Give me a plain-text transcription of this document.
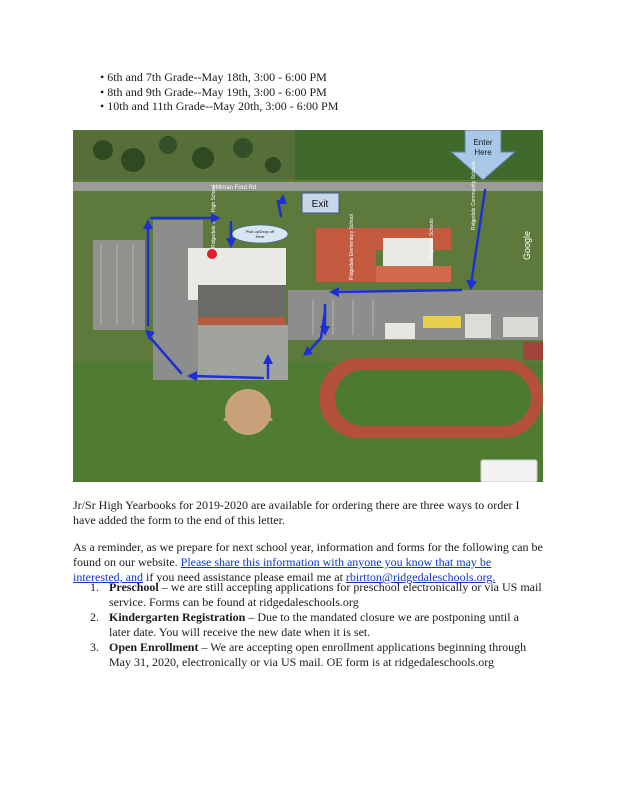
• 6th and 7th Grade--May 18th, 3:00 - 6:00 PM
• 8th and 9th Grade--May 19th, 3:00 - 6:00 PM
• 10th and 11th Grade--May 20th, 3:00 - 6:00 PM
Hillman Ford Rd
Enter
Here
Exit
Pick up/Drop off
Here	Ridgedale Elementary School	Ridgedale Schools
Ridgedale Community Schools
Google

Jr/Sr High Yearbooks for 2019-2020 are available for ordering there are three ways to order I have added the form to the end of this letter.

As a reminder, as we prepare for next school year, information and forms for the following can be found on our website. Please share this information with anyone you know that may be interested, and if you need assistance please email me at rbirtton@ridgedaleschools.org.

1. Preschool – we are still accepting applications for preschool electronically or via US mail service. Forms can be found at ridgedaleschools.org
2. Kindergarten Registration – Due to the mandated closure we are postponing until a later date. You will receive the new date when it is set.
3. Open Enrollment – We are accepting open enrollment applications beginning through May 31, 2020, electronically or via US mail. OE form is at ridgedaleschools.org
